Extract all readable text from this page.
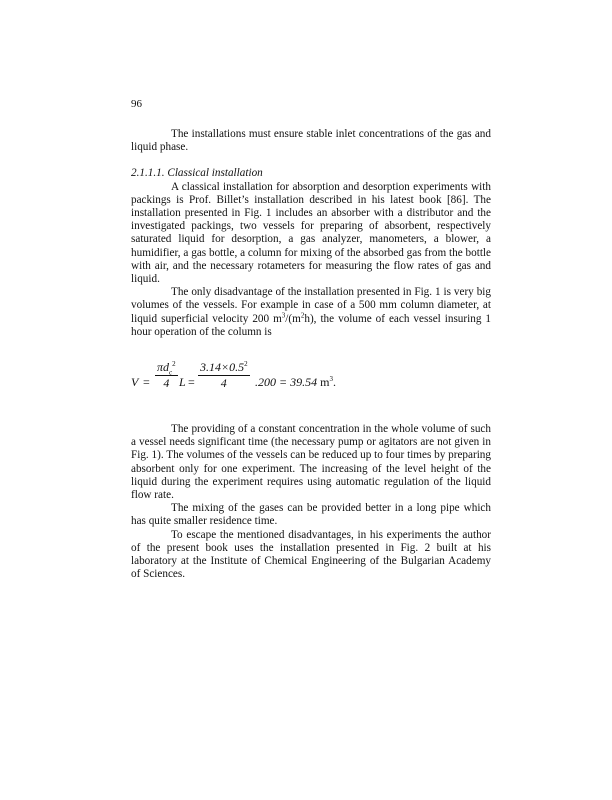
96

The installations must ensure stable inlet concentrations of the gas and liquid phase.

2.1.1.1. Classical installation

A classical installation for absorption and desorption experiments with packings is Prof. Billet’s installation described in his latest book [86]. The installation presented in Fig. 1 includes an absorber with a distributor and the investigated packings, two vessels for preparing of absorbent, respectively saturated liquid for desorption, a gas analyzer, manometers, a blower, a humidifier, a gas bottle, a column for mixing of the absorbed gas from the bottle with air, and the necessary rotameters for measuring the flow rates of gas and liquid.

The only disadvantage of the installation presented in Fig. 1 is very big volumes of the vessels. For example in case of a 500 mm column diameter, at liquid superficial velocity 200 $m^3/(m^2h)$, the volume of each vessel insuring 1 hour operation of the column is

V =
$\pi d_c^2$
4 $L = \frac{3.14\times 0.5^2}{4} .200 = 39.54$ $m^3$.

The providing of a constant concentration in the whole volume of such a vessel needs significant time (the necessary pump or agitators are not given in Fig. 1). The volumes of the vessels can be reduced up to four times by preparing absorbent only for one experiment. The increasing of the level height of the liquid during the experiment requires using automatic regulation of the liquid flow rate.

The mixing of the gases can be provided better in a long pipe which has quite smaller residence time.

To escape the mentioned disadvantages, in his experiments the author of the present book uses the installation presented in Fig. 2 built at his laboratory at the Institute of Chemical Engineering of the Bulgarian Academy of Sciences.
